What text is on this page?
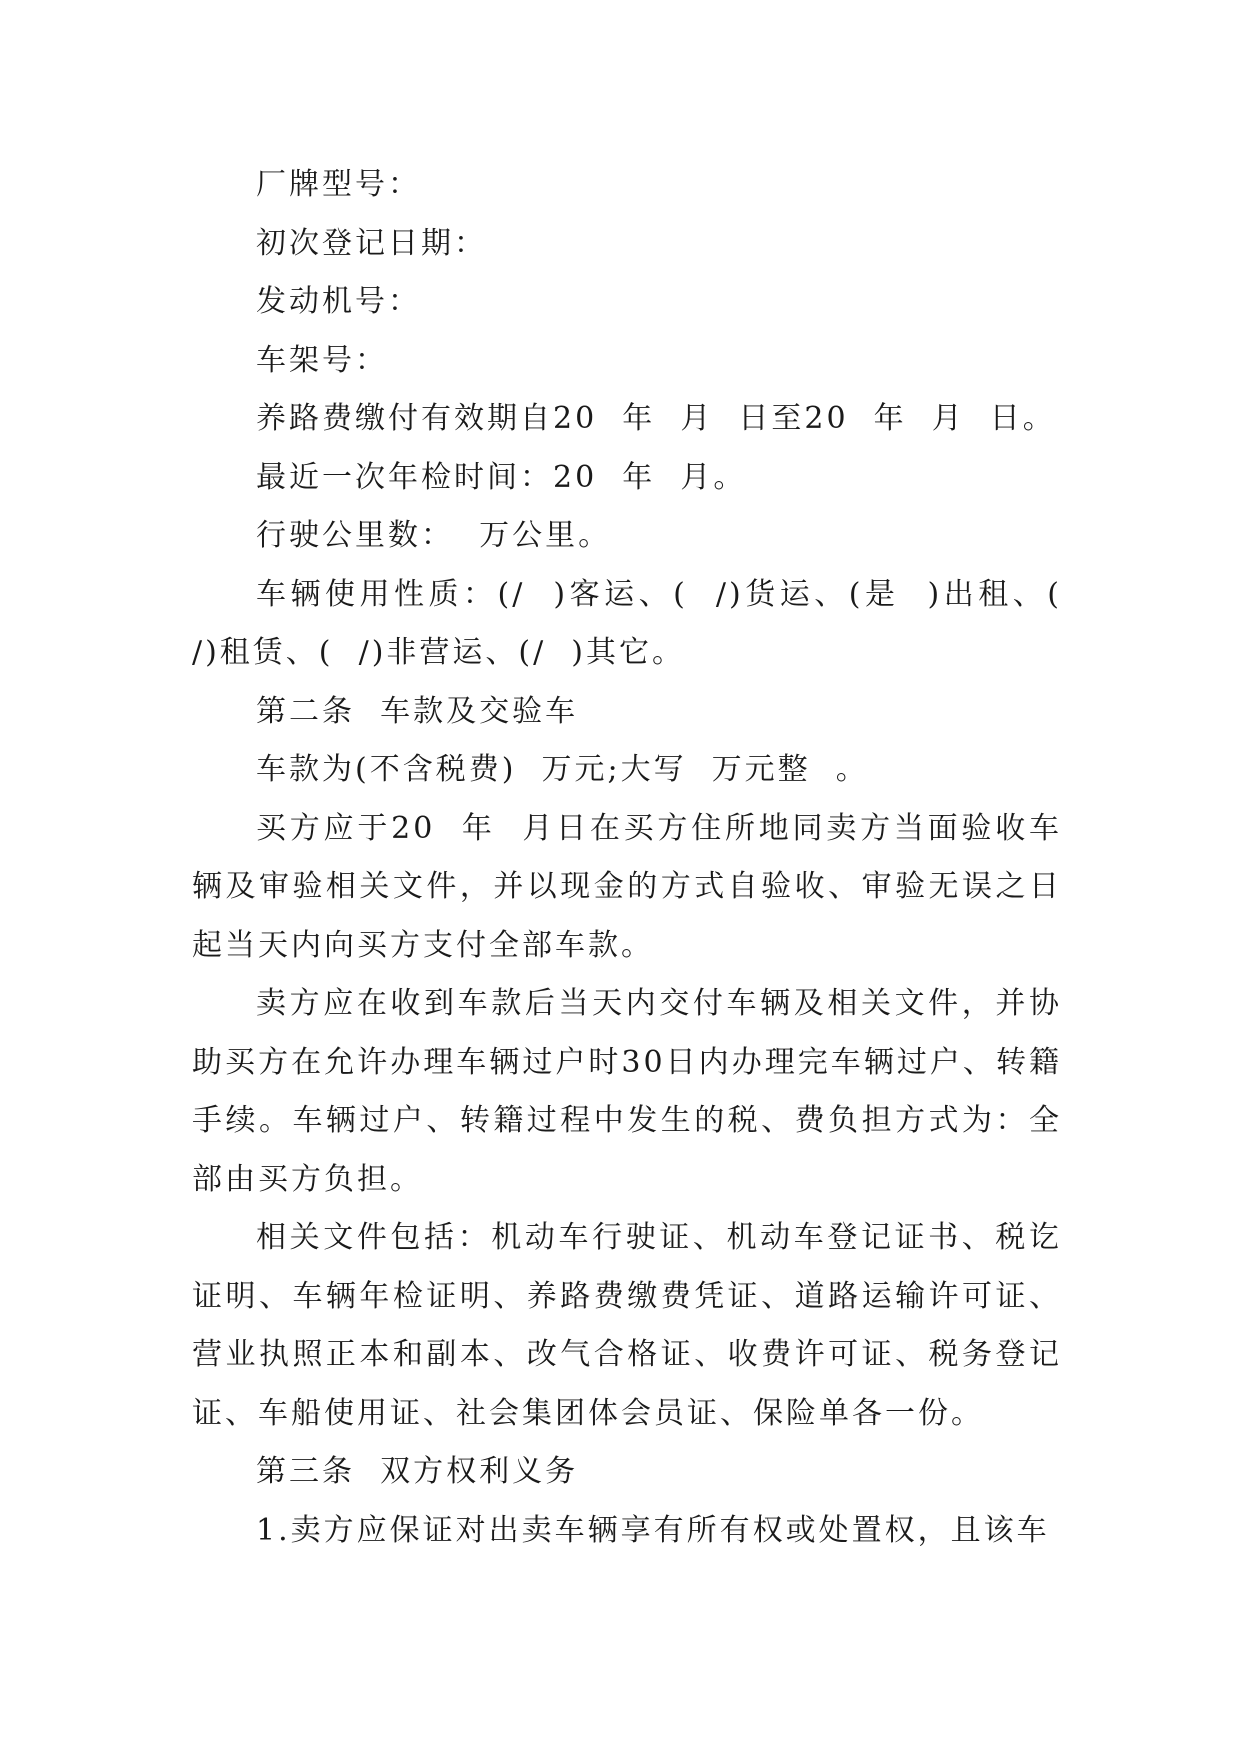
厂牌型号：

初次登记日期：

发动机号：

车架号：

养路费缴付有效期自20  年  月  日至20  年  月  日。

最近一次年检时间：20  年  月。

行驶公里数：  万公里。

车辆使用性质：(/  )客运、(  /)货运、(是  )出租、(  /)租赁、(  /)非营运、(/  )其它。

第二条  车款及交验车

车款为(不含税费)  万元;大写  万元整  。

买方应于20  年  月日在买方住所地同卖方当面验收车辆及审验相关文件，并以现金的方式自验收、审验无误之日起当天内向买方支付全部车款。

卖方应在收到车款后当天内交付车辆及相关文件，并协助买方在允许办理车辆过户时30日内办理完车辆过户、转籍手续。车辆过户、转籍过程中发生的税、费负担方式为：全部由买方负担。

相关文件包括：机动车行驶证、机动车登记证书、税讫证明、车辆年检证明、养路费缴费凭证、道路运输许可证、营业执照正本和副本、改气合格证、收费许可证、税务登记证、车船使用证、社会集团体会员证、保险单各一份。

第三条  双方权利义务

1.卖方应保证对出卖车辆享有所有权或处置权，且该车
